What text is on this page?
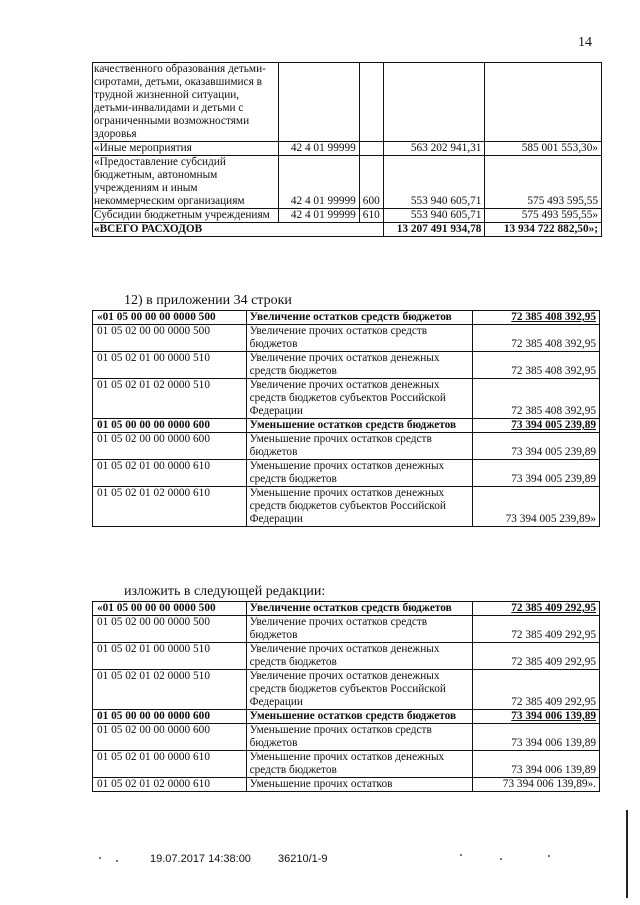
14
качественного образования детьми-сиротами, детьми, оказавшимися в трудной жизненной ситуации, детьми-инвалидами и детьми с ограниченными возможностями здоровья				
«Иные мероприятия	42 4 01 99999		563 202 941,31	585 001 553,30»
«Предоставление субсидий бюджетным, автономным учреждениям и иным некоммерческим организациям	42 4 01 99999	600	553 940 605,71	575 493 595,55
Субсидии бюджетным учреждениям	42 4 01 99999	610	553 940 605,71	575 493 595,55»
«ВСЕГО РАСХОДОВ			13 207 491 934,78	13 934 722 882,50»;
12) в приложении 34 строки
«01 05 00 00 00 0000 500	Увеличение остатков средств бюджетов	72 385 408 392,95
01 05 02 00 00 0000 500	Увеличение прочих остатков средств бюджетов	72 385 408 392,95
01 05 02 01 00 0000 510	Увеличение прочих остатков денежных средств бюджетов	72 385 408 392,95
01 05 02 01 02 0000 510	Увеличение прочих остатков денежных средств бюджетов субъектов Российской Федерации	72 385 408 392,95
01 05 00 00 00 0000 600	Уменьшение остатков средств бюджетов	73 394 005 239,89
01 05 02 00 00 0000 600	Уменьшение прочих остатков средств бюджетов	73 394 005 239,89
01 05 02 01 00 0000 610	Уменьшение прочих остатков денежных средств бюджетов	73 394 005 239,89
01 05 02 01 02 0000 610	Уменьшение прочих остатков денежных средств бюджетов субъектов Российской Федерации	73 394 005 239,89»
изложить в следующей редакции:
«01 05 00 00 00 0000 500	Увеличение остатков средств бюджетов	72 385 409 292,95
01 05 02 00 00 0000 500	Увеличение прочих остатков средств бюджетов	72 385 409 292,95
01 05 02 01 00 0000 510	Увеличение прочих остатков денежных средств бюджетов	72 385 409 292,95
01 05 02 01 02 0000 510	Увеличение прочих остатков денежных средств бюджетов субъектов Российской Федерации	72 385 409 292,95
01 05 00 00 00 0000 600	Уменьшение остатков средств бюджетов	73 394 006 139,89
01 05 02 00 00 0000 600	Уменьшение прочих остатков средств бюджетов	73 394 006 139,89
01 05 02 01 00 0000 610	Уменьшение прочих остатков денежных средств бюджетов	73 394 006 139,89
01 05 02 01 02 0000 610	Уменьшение прочих остатков	73 394 006 139,89».
19.07.2017 14:38:00 36210/1-9
